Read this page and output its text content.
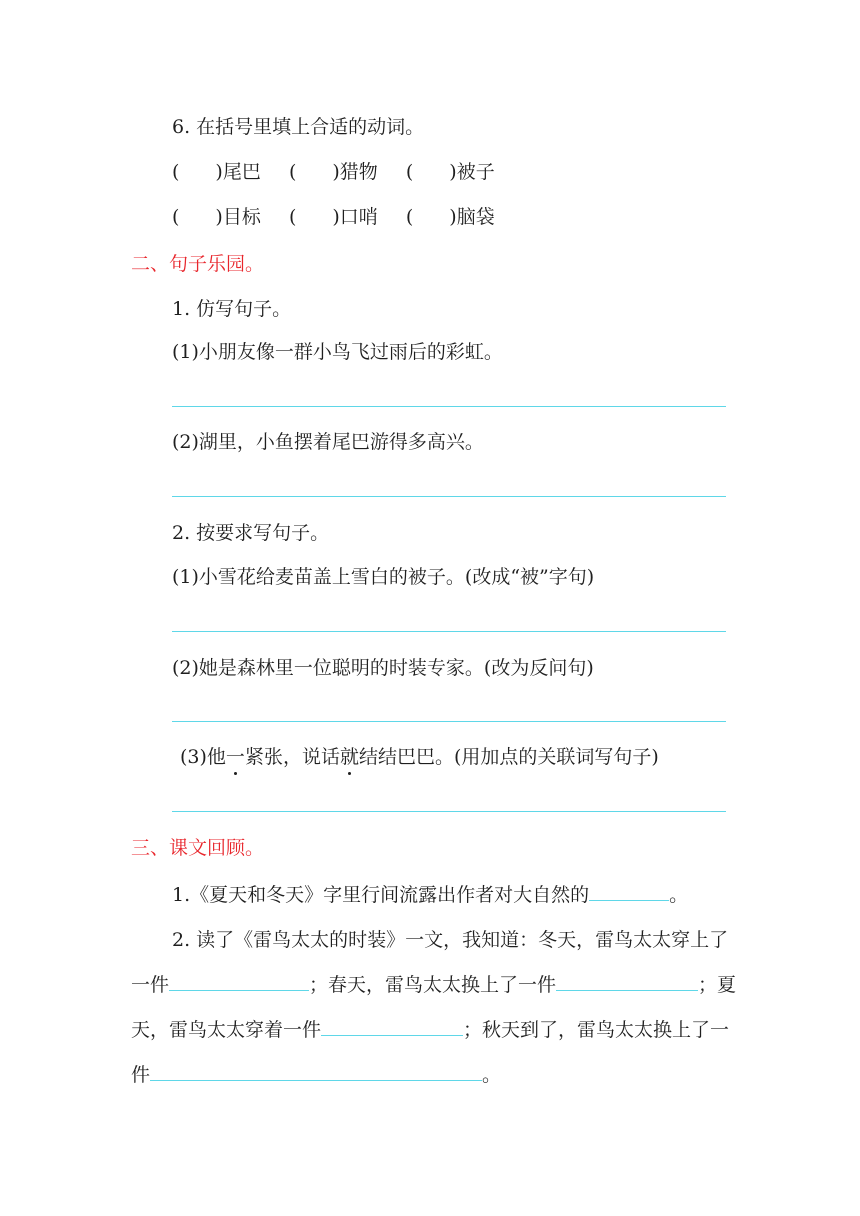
6. 在括号里填上合适的动词。
( )尾巴 ( )猎物 ( )被子
( )目标 ( )口哨 ( )脑袋
二、句子乐园。
1. 仿写句子。
(1)小朋友像一群小鸟飞过雨后的彩虹。
(2)湖里，小鱼摆着尾巴游得多高兴。
2. 按要求写句子。
(1)小雪花给麦苗盖上雪白的被子。(改成“被”字句)
(2)她是森林里一位聪明的时装专家。(改为反问句)
(3)他一紧张，说话就结结巴巴。(用加点的关联词写句子)
三、课文回顾。
1.《夏天和冬天》字里行间流露出作者对大自然的	。
2. 读了《雷鸟太太的时装》一文，我知道：冬天，雷鸟太太穿上了
一件	；春天，雷鸟太太换上了一件	；夏
天，雷鸟太太穿着一件	；秋天到了，雷鸟太太换上了一
件	。
